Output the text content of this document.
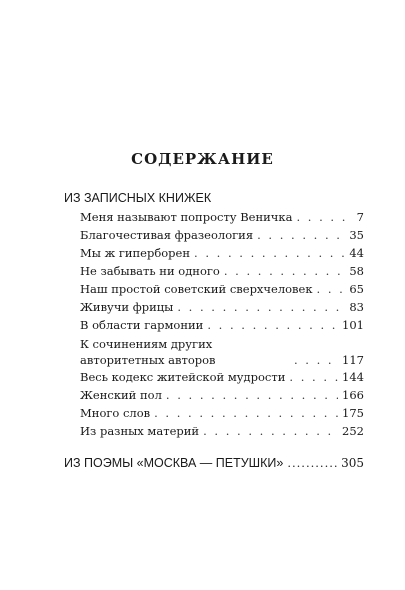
СОДЕРЖАНИЕ
ИЗ ЗАПИСНЫХ КНИЖЕК
Меня называют попросту Веничка . . .	7
Благочестивая фразеология . . .	35
Мы ж гиперборен . . .	44
Не забывать ни одного . . .	58
Наш простой советский сверхчеловек . . .	65
Живучи фрицы . . .	83
В области гармонии . . .	101
К сочинениям других авторитетных авторов . . .	117
Весь кодекс житейской мудрости . . .	144
Женский пол . . .	166
Много слов . . .	175
Из разных материй . . .	252
ИЗ ПОЭМЫ «МОСКВА — ПЕТУШКИ» .....	305
